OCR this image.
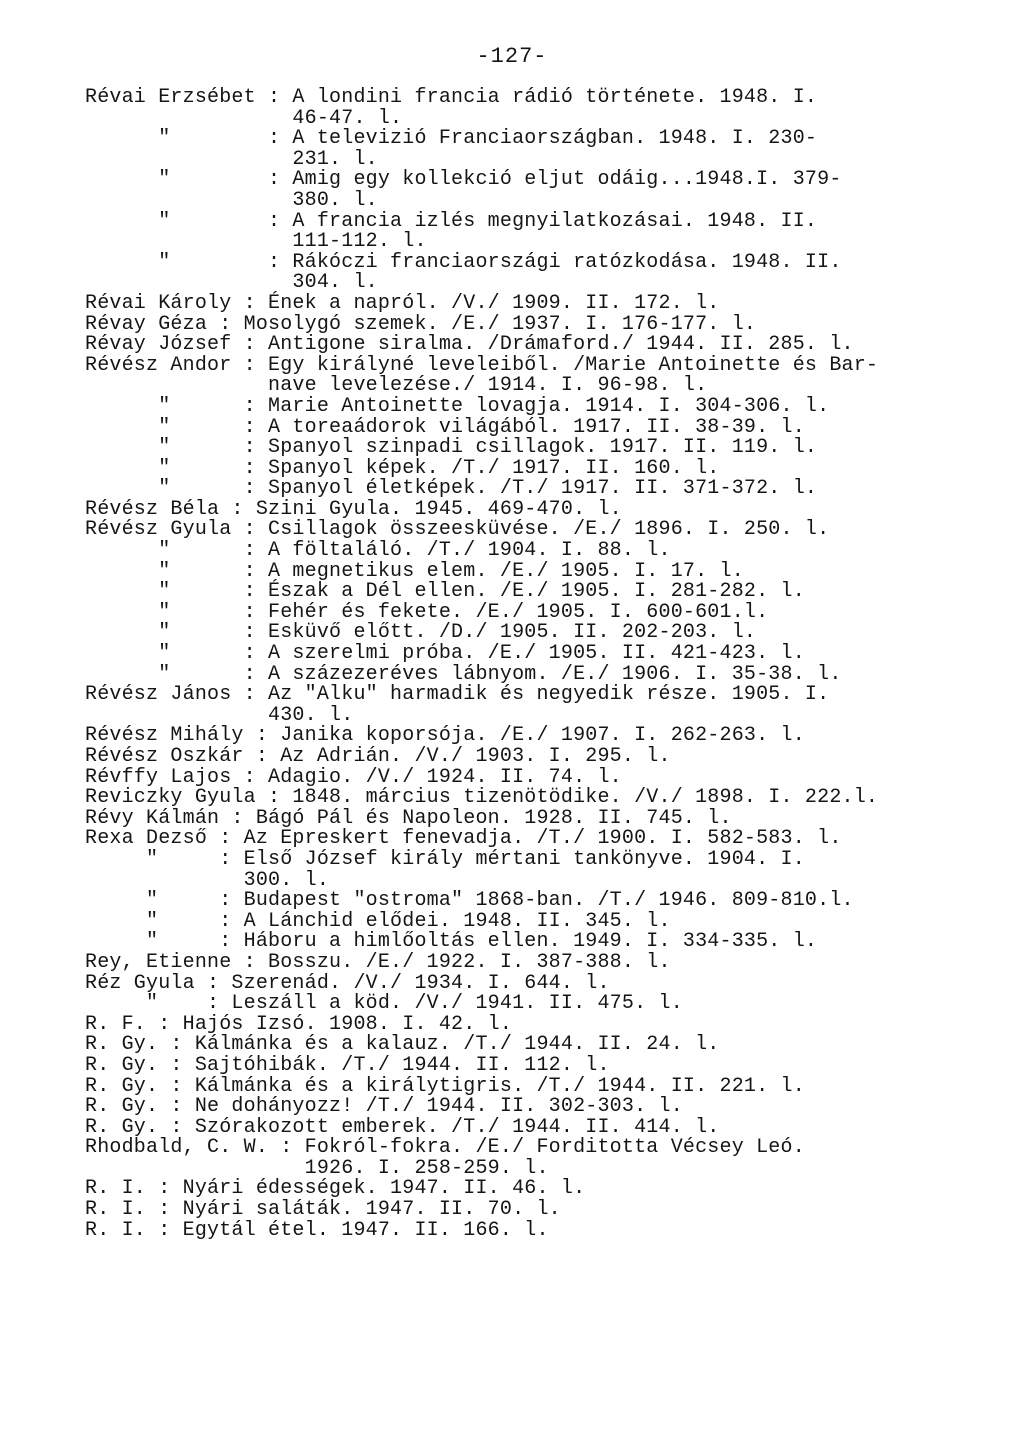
-127-
Révai Erzsébet : A londini francia rádió története. 1948. I.
46-47. l.
"        : A televizió Franciaországban. 1948. I. 230-
231. l.
"        : Amig egy kollekció eljut odáig...1948.I. 379-
380. l.
"        : A francia izlés megnyilatkozásai. 1948. II.
111-112. l.
"        : Rákóczi franciaországi ratózkodása. 1948. II.
304. l.
Révai Károly : Ének a napról. /V./ 1909. II. 172. l.
Révay Géza : Mosolygó szemek. /E./ 1937. I. 176-177. l.
Révay József : Antigone siralma. /Drámaford./ 1944. II. 285. l.
Révész Andor : Egy királyné leveleiből. /Marie Antoinette és Bar-
nave levelezése./ 1914. I. 96-98. l.
"      : Marie Antoinette lovagja. 1914. I. 304-306. l.
"      : A toreaádorok világából. 1917. II. 38-39. l.
"      : Spanyol szinpadi csillagok. 1917. II. 119. l.
"      : Spanyol képek. /T./ 1917. II. 160. l.
"      : Spanyol életképek. /T./ 1917. II. 371-372. l.
Révész Béla : Szini Gyula. 1945. 469-470. l.
Révész Gyula : Csillagok összeesküvése. /E./ 1896. I. 250. l.
"      : A föltaláló. /T./ 1904. I. 88. l.
"      : A megnetikus elem. /E./ 1905. I. 17. l.
"      : Észak a Dél ellen. /E./ 1905. I. 281-282. l.
"      : Fehér és fekete. /E./ 1905. I. 600-601.l.
"      : Esküvő előtt. /D./ 1905. II. 202-203. l.
"      : A szerelmi próba. /E./ 1905. II. 421-423. l.
"      : A százezeréves lábnyom. /E./ 1906. I. 35-38. l.
Révész János : Az "Alku" harmadik és negyedik része. 1905. I.
430. l.
Révész Mihály : Janika koporsója. /E./ 1907. I. 262-263. l.
Révész Oszkár : Az Adrián. /V./ 1903. I. 295. l.
Révffy Lajos : Adagio. /V./ 1924. II. 74. l.
Reviczky Gyula : 1848. március tizenötödike. /V./ 1898. I. 222.l.
Révy Kálmán : Bágó Pál és Napoleon. 1928. II. 745. l.
Rexa Dezső : Az Epreskert fenevadja. /T./ 1900. I. 582-583. l.
"     : Első József király mértani tankönyve. 1904. I.
300. l.
"     : Budapest "ostroma" 1868-ban. /T./ 1946. 809-810.l.
"     : A Lánchid elődei. 1948. II. 345. l.
"     : Háboru a himlőoltás ellen. 1949. I. 334-335. l.
Rey, Etienne : Bosszu. /E./ 1922. I. 387-388. l.
Réz Gyula : Szerenád. /V./ 1934. I. 644. l.
"    : Leszáll a köd. /V./ 1941. II. 475. l.
R. F. : Hajós Izsó. 1908. I. 42. l.
R. Gy. : Kálmánka és a kalauz. /T./ 1944. II. 24. l.
R. Gy. : Sajtóhibák. /T./ 1944. II. 112. l.
R. Gy. : Kálmánka és a királytigris. /T./ 1944. II. 221. l.
R. Gy. : Ne dohányozz! /T./ 1944. II. 302-303. l.
R. Gy. : Szórakozott emberek. /T./ 1944. II. 414. l.
Rhodbald, C. W. : Fokról-fokra. /E./ Forditotta Vécsey Leó.
1926. I. 258-259. l.
R. I. : Nyári édességek. 1947. II. 46. l.
R. I. : Nyári saláták. 1947. II. 70. l.
R. I. : Egytál étel. 1947. II. 166. l.
